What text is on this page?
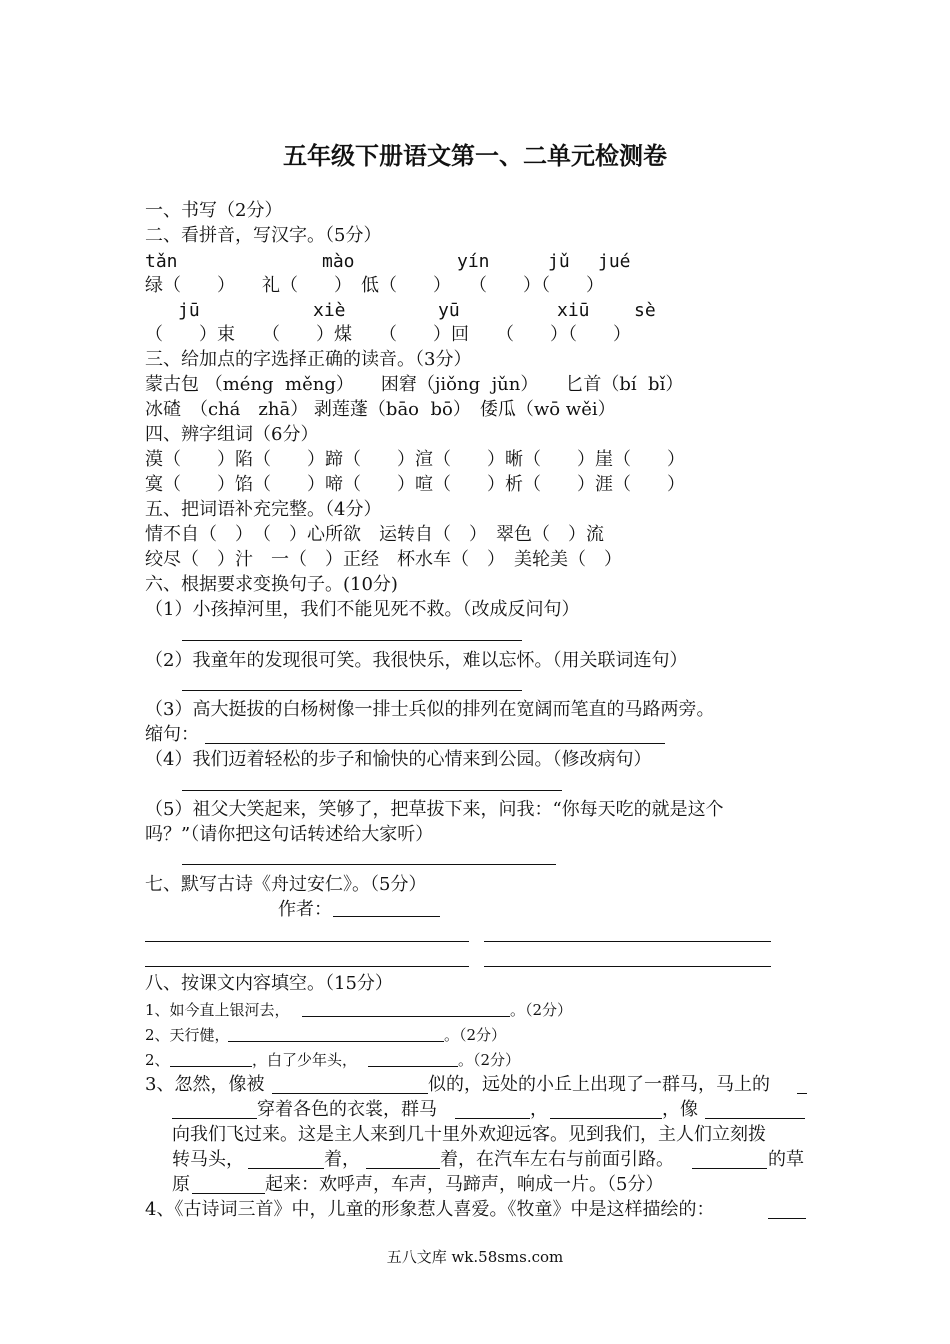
五年级下册语文第一、二单元检测卷
一、书写（2分）
二、看拼音，写汉字。（5分）
tǎn	mào	yín	jǔ jué
绿（　　）　　礼（　　）　低（　　）　　（　　）（　　）
jū	xiè	yū	xiū sè
（　　）束　　（　　）煤　　（　　）回　　（　　）（　　）
三、给加点的字选择正确的读音。（3分）
蒙古包 （méng  měng）　　困窘（jiǒng  jǔn）　　匕首（bí  bǐ）
冰碴　（chá　zhā） 剥莲蓬（bāo  bō）　倭瓜（wō wěi）
四、辨字组词（6分）
漠（　　）陷（　　）蹄（　　）渲（　　）晰（　　）崖（　　）
寞（　　）馅（　　）啼（　　）喧（　　）析（　　）涯（　　）
五、把词语补充完整。（4分）
情不自（　）　（　）心所欲　运转自（　）　翠色（　）流
绞尽（　）汁　一（　）正经　杯水车（　）　美轮美（　）
六、根据要求变换句子。(10分)
（1）小孩掉河里，我们不能见死不救。（改成反问句）
（2）我童年的发现很可笑。我很快乐，难以忘怀。（用关联词连句）
（3）高大挺拔的白杨树像一排士兵似的排列在宽阔而笔直的马路两旁。
缩句：
（4）我们迈着轻松的步子和愉快的心情来到公园。（修改病句）
（5）祖父大笑起来，笑够了，把草拔下来，问我：“你每天吃的就是这个
吗？”（请你把这句话转述给大家听）
七、默写古诗《舟过安仁》。（5分）
作者：
八、按课文内容填空。（15分）
1、如今直上银河去，	。（2分）
2、天行健，	。（2分）
2、	，白了少年头，	。（2分）
3、忽然，像被	似的，远处的小丘上出现了一群马，马上的
穿着各色的衣裳，群马	，	，像
向我们飞过来。这是主人来到几十里外欢迎远客。见到我们，主人们立刻拨
转马头，	着，	着，在汽车左右与前面引路。	的草
原	起来：欢呼声，车声，马蹄声，响成一片。（5分）
4、《古诗词三首》中，儿童的形象惹人喜爱。《牧童》中是这样描绘的：
五八文库 wk.58sms.com
